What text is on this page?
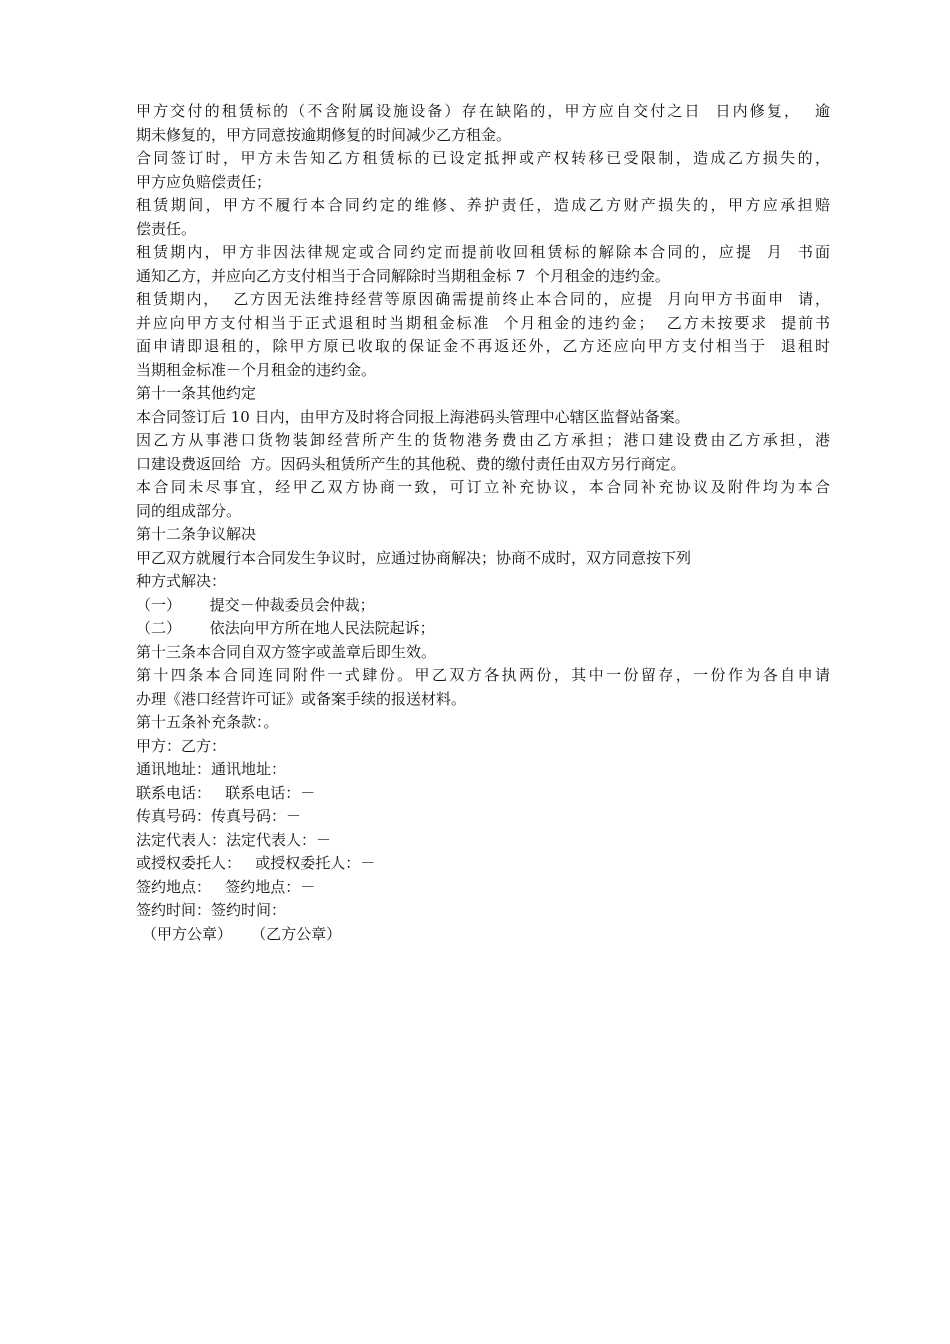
甲方交付的租赁标的（不含附属设施设备）存在缺陷的，甲方应自交付之日  日内修复，  逾

期未修复的，甲方同意按逾期修复的时间减少乙方租金。

合同签订时，甲方未告知乙方租赁标的已设定抵押或产权转移已受限制，造成乙方损失的，

甲方应负赔偿责任；

租赁期间，甲方不履行本合同约定的维修、养护责任，造成乙方财产损失的，甲方应承担赔

偿责任。

租赁期内，甲方非因法律规定或合同约定而提前收回租赁标的解除本合同的，应提  月  书面

通知乙方，并应向乙方支付相当于合同解除时当期租金标 7  个月租金的违约金。

租赁期内，  乙方因无法维持经营等原因确需提前终止本合同的，应提  月向甲方书面申  请，

并应向甲方支付相当于正式退租时当期租金标准  个月租金的违约金；  乙方未按要求  提前书

面申请即退租的，除甲方原已收取的保证金不再返还外，乙方还应向甲方支付相当于  退租时

当期租金标准－个月租金的违约金。

第十一条其他约定

本合同签订后 10 日内，由甲方及时将合同报上海港码头管理中心辖区监督站备案。

因乙方从事港口货物装卸经营所产生的货物港务费由乙方承担；港口建设费由乙方承担，港

口建设费返回给  方。因码头租赁所产生的其他税、费的缴付责任由双方另行商定。

本合同未尽事宜，经甲乙双方协商一致，可订立补充协议，本合同补充协议及附件均为本合

同的组成部分。

第十二条争议解决

甲乙双方就履行本合同发生争议时，应通过协商解决；协商不成时，双方同意按下列

种方式解决：

（一）      提交－仲裁委员会仲裁；

（二）      依法向甲方所在地人民法院起诉；

第十三条本合同自双方签字或盖章后即生效。

第十四条本合同连同附件一式肆份。甲乙双方各执两份，其中一份留存，一份作为各自申请

办理《港口经营许可证》或备案手续的报送材料。

第十五条补充条款：。

甲方：乙方：

通讯地址：通讯地址：

联系电话：   联系电话：－

传真号码：传真号码：－

法定代表人：法定代表人：－

或授权委托人：   或授权委托人：－

签约地点：   签约地点：－

签约时间：签约时间：

（甲方公章） （乙方公章）
